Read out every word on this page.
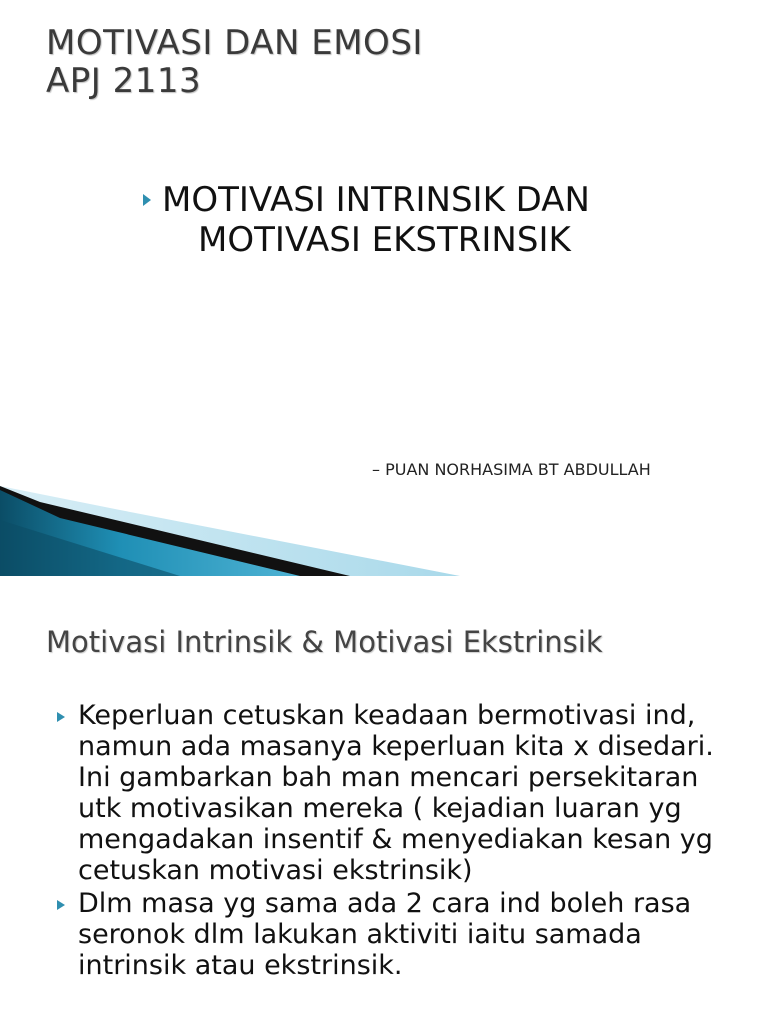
MOTIVASI DAN EMOSI
APJ 2113
MOTIVASI INTRINSIK DAN
MOTIVASI EKSTRINSIK
– PUAN NORHASIMA BT ABDULLAH
Motivasi Intrinsik & Motivasi Ekstrinsik
Keperluan cetuskan keadaan bermotivasi ind, namun ada masanya keperluan kita x disedari. Ini gambarkan bah man mencari persekitaran utk motivasikan mereka ( kejadian luaran yg mengadakan insentif & menyediakan kesan yg cetuskan motivasi ekstrinsik)
Dlm masa yg sama ada 2 cara ind boleh rasa seronok dlm lakukan aktiviti iaitu samada intrinsik atau ekstrinsik.
